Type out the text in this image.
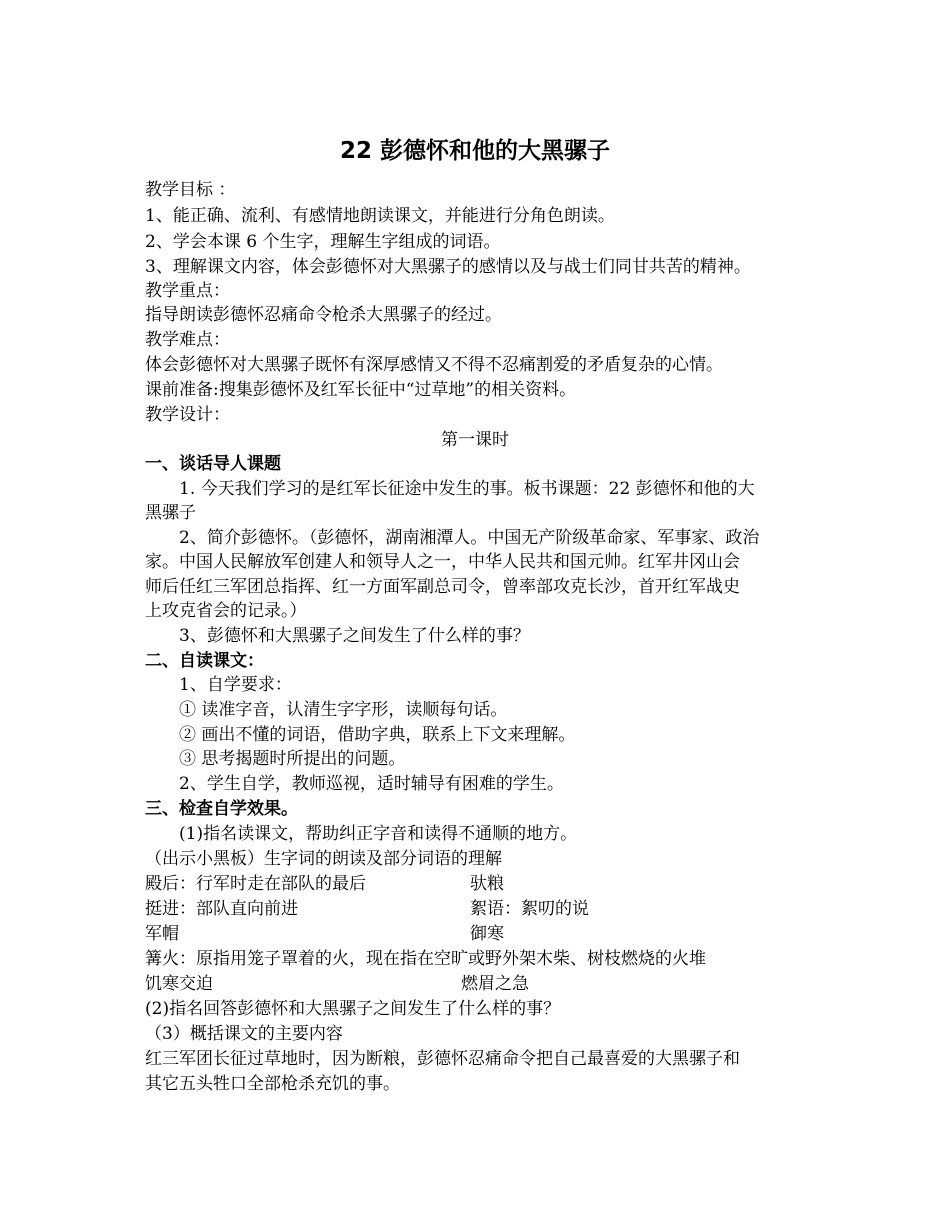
22 彭德怀和他的大黑骡子
教学目标 ：
1、能正确、流利、有感情地朗读课文，并能进行分角色朗读。
2、学会本课 6 个生字，理解生字组成的词语。
3、理解课文内容，体会彭德怀对大黑骡子的感情以及与战士们同甘共苦的精神。
教学重点：
指导朗读彭德怀忍痛命令枪杀大黑骡子的经过。
教学难点：
体会彭德怀对大黑骡子既怀有深厚感情又不得不忍痛割爱的矛盾复杂的心情。
课前准备:搜集彭德怀及红军长征中“过草地”的相关资料。
教学设计：
第一课时
一、谈话导人课题
1. 今天我们学习的是红军长征途中发生的事。板书课题：22 彭德怀和他的大
黑骡子
2、简介彭德怀。（彭德怀，湖南湘潭人。中国无产阶级革命家、军事家、政治
家。中国人民解放军创建人和领导人之一，中华人民共和国元帅。红军井冈山会
师后任红三军团总指挥、红一方面军副总司令，曾率部攻克长沙，首开红军战史
上攻克省会的记录。）
3、彭德怀和大黑骡子之间发生了什么样的事？
二、自读课文：
1、自学要求：
① 读准字音，认清生字字形，读顺每句话。
② 画出不懂的词语，借助字典，联系上下文来理解。
③ 思考揭题时所提出的问题。
2、学生自学，教师巡视，适时辅导有困难的学生。
三、检查自学效果。
(1)指名读课文，帮助纠正字音和读得不通顺的地方。
（出示小黑板）生字词的朗读及部分词语的理解
殿后：行军时走在部队的最后	驮粮
挺进：部队直向前进	絮语：絮叨的说
军帽	御寒
篝火：原指用笼子罩着的火，现在指在空旷或野外架木柴、树枝燃烧的火堆
饥寒交迫	燃眉之急
(2)指名回答彭德怀和大黑骡子之间发生了什么样的事？
（3）概括课文的主要内容
红三军团长征过草地时，因为断粮，彭德怀忍痛命令把自己最喜爱的大黑骡子和
其它五头牲口全部枪杀充饥的事。
